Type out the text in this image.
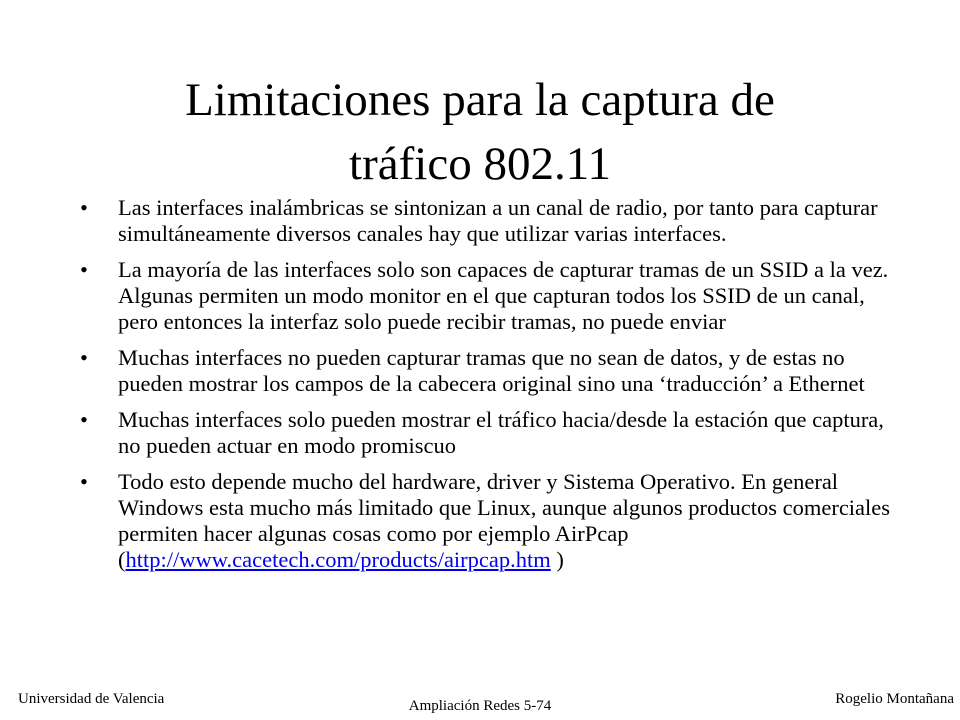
Limitaciones para la captura de
tráfico 802.11
• Las interfaces inalámbricas se sintonizan a un canal de radio, por tanto para capturar simultáneamente diversos canales hay que utilizar varias interfaces.
• La mayoría de las interfaces solo son capaces de capturar tramas de un SSID a la vez. Algunas permiten un modo monitor en el que capturan todos los SSID de un canal, pero entonces la interfaz solo puede recibir tramas, no puede enviar
• Muchas interfaces no pueden capturar tramas que no sean de datos, y de estas no pueden mostrar los campos de la cabecera original sino una ‘traducción’ a Ethernet
• Muchas interfaces solo pueden mostrar el tráfico hacia/desde la estación que captura, no pueden actuar en modo promiscuo
• Todo esto depende mucho del hardware, driver y Sistema Operativo. En general Windows esta mucho más limitado que Linux, aunque algunos productos comerciales permiten hacer algunas cosas como por ejemplo AirPcap (http://www.cacetech.com/products/airpcap.htm )
Universidad de Valencia	Ampliación Redes 5-74	Rogelio Montañana
